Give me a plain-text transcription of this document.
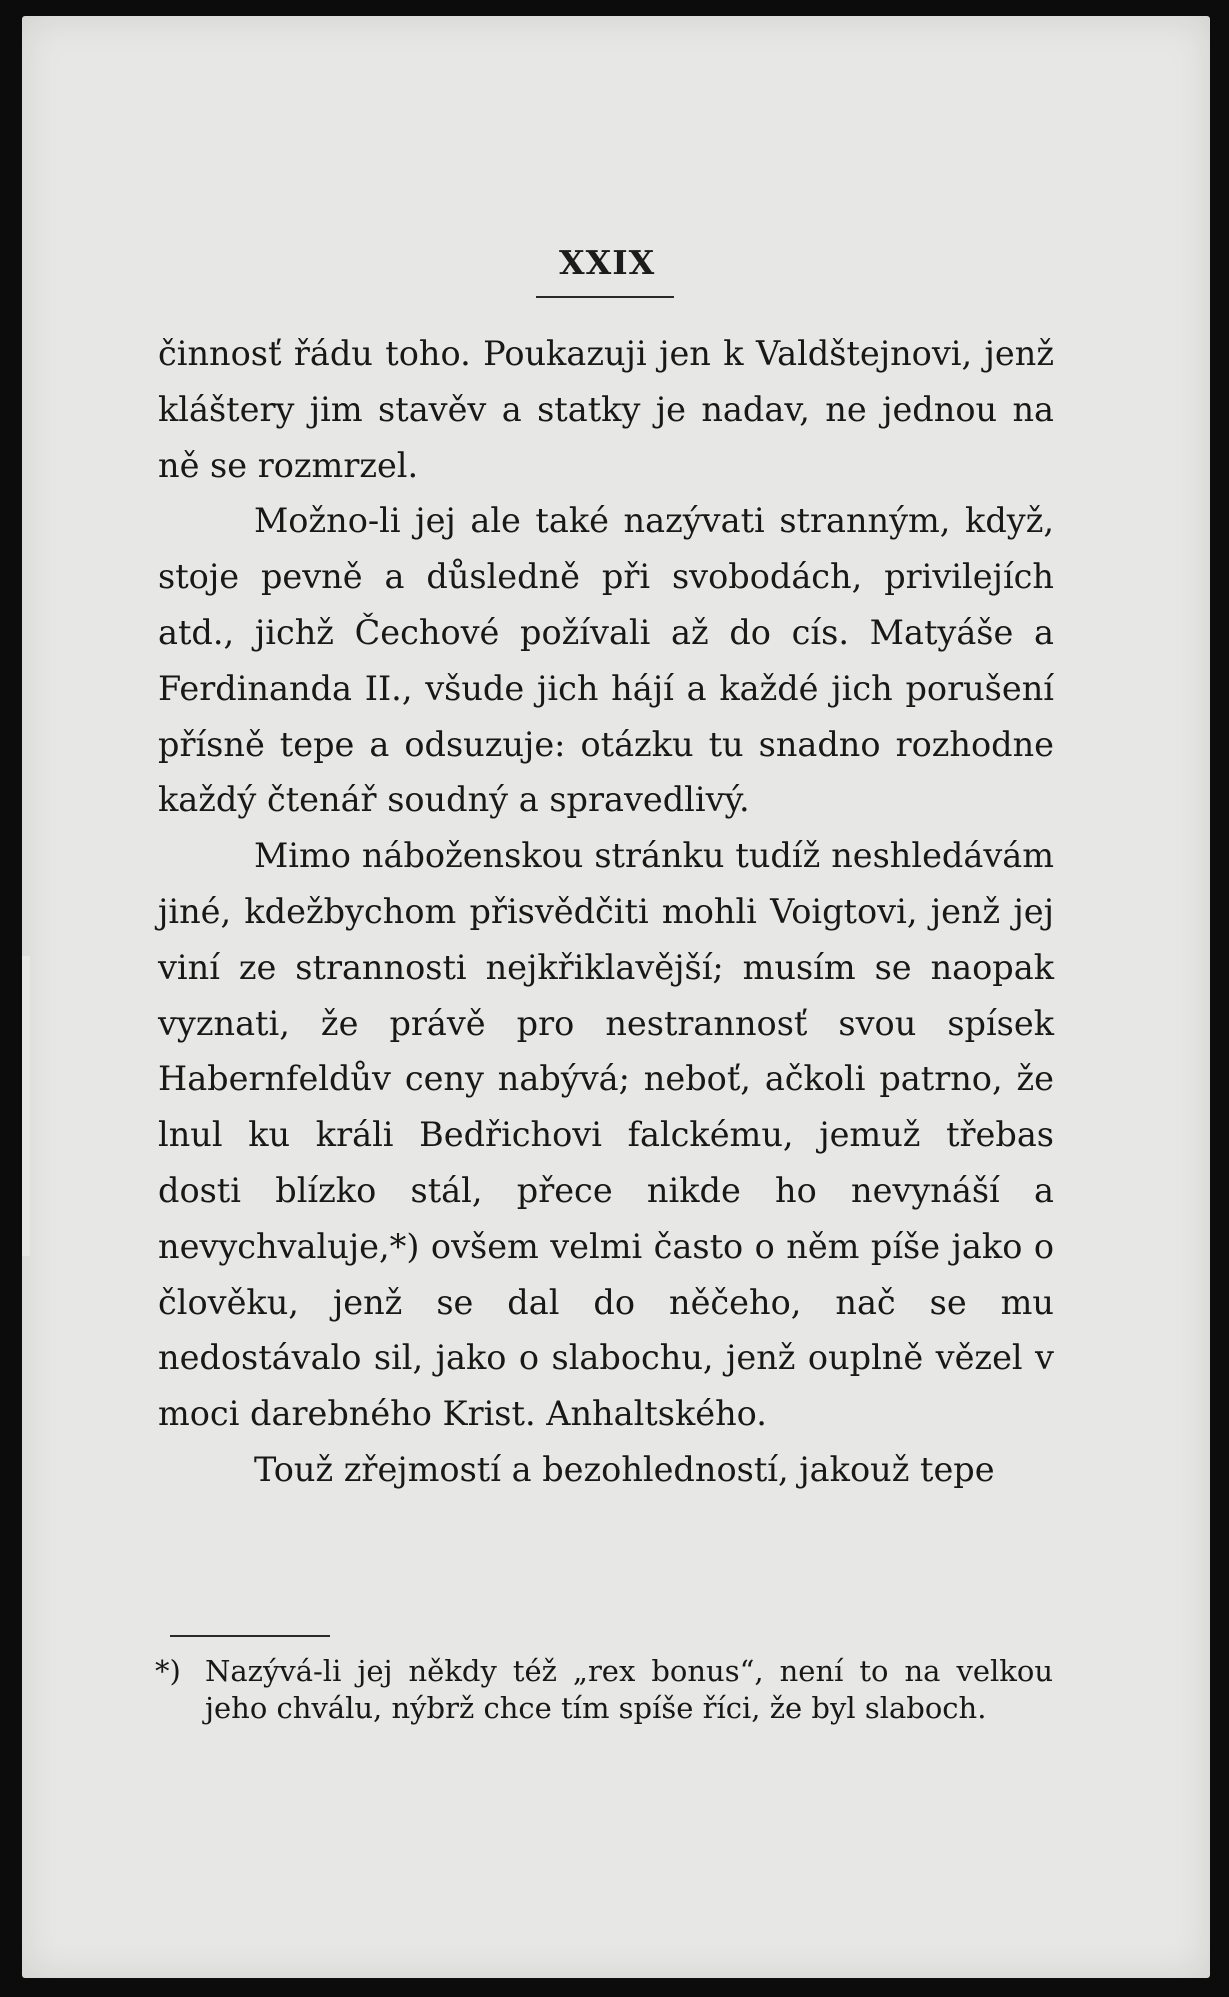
XXIX

činnosť řádu toho. Poukazuji jen k Valdštejnovi, jenž kláštery jim stavěv a statky je nadav, ne jednou na ně se rozmrzel.

Možno-li jej ale také nazývati stranným, když, stoje pevně a důsledně při svobodách, privilejích atd., jichž Čechové požívali až do cís. Matyáše a Ferdinanda II., všude jich hájí a každé jich porušení přísně tepe a odsuzuje: otázku tu snadno rozhodne každý čtenář soudný a spravedlivý.

Mimo náboženskou stránku tudíž neshledávám jiné, kdežbychom přisvědčiti mohli Voigtovi, jenž jej viní ze strannosti nejkřiklavější; musím se naopak vyznati, že právě pro nestrannosť svou spísek Habernfeldův ceny nabývá; neboť, ačkoli patrno, že lnul ku králi Bedřichovi falckému, jemuž třebas dosti blízko stál, přece nikde ho nevynáší a nevychvaluje,*) ovšem velmi často o něm píše jako o člověku, jenž se dal do něčeho, nač se mu nedostávalo sil, jako o slabochu, jenž ouplně vězel v moci darebného Krist. Anhaltského.

Touž zřejmostí a bezohledností, jakouž tepe

*) Nazývá-li jej někdy též „rex bonus“, není to na velkou jeho chválu, nýbrž chce tím spíše říci, že byl slaboch.
